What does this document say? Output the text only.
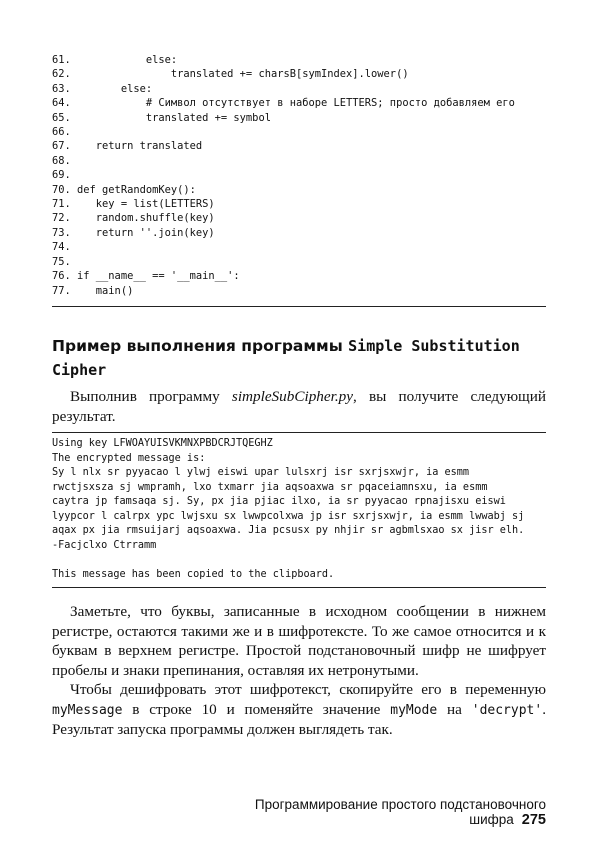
61.            else:
62.                translated += charsB[symIndex].lower()
63.        else:
64.            # Символ отсутствует в наборе LETTERS; просто добавляем его
65.            translated += symbol
66.
67.    return translated
68.
69.
70. def getRandomKey():
71.    key = list(LETTERS)
72.    random.shuffle(key)
73.    return ''.join(key)
74.
75.
76. if __name__ == '__main__':
77.    main()
Пример выполнения программы Simple Substitution Cipher

Выполнив программу simpleSubCipher.py, вы получите следующий результат.

Using key LFWOAYUISVKMNXPBDCRJTQEGHZ
The encrypted message is:
Sy l nlx sr pyyacao l ylwj eiswi upar lulsxrj isr sxrjsxwjr, ia esmm
rwctjsxsza sj wmpramh, lxo txmarr jia aqsoaxwa sr pqaceiamnsxu, ia esmm
caytra jp famsaqa sj. Sy, px jia pjiac ilxo, ia sr pyyacao rpnajisxu eiswi
lyypcor l calrpx ypc lwjsxu sx lwwpcolxwa jp isr sxrjsxwjr, ia esmm lwwabj sj
aqax px jia rmsuijarj aqsoaxwa. Jia pcsusx py nhjir sr agbmlsxao sx jisr elh.
-Facjclxo Ctrramm

This message has been copied to the clipboard.

Заметьте, что буквы, записанные в исходном сообщении в нижнем регистре, остаются такими же и в шифротексте. То же самое относится и к буквам в верхнем регистре. Простой подстановочный шифр не шифрует пробелы и знаки препинания, оставляя их нетронутыми.

Чтобы дешифровать этот шифротекст, скопируйте его в переменную myMessage в строке 10 и поменяйте значение myMode на 'decrypt'. Результат запуска программы должен выглядеть так.

Программирование простого подстановочного шифра 275
